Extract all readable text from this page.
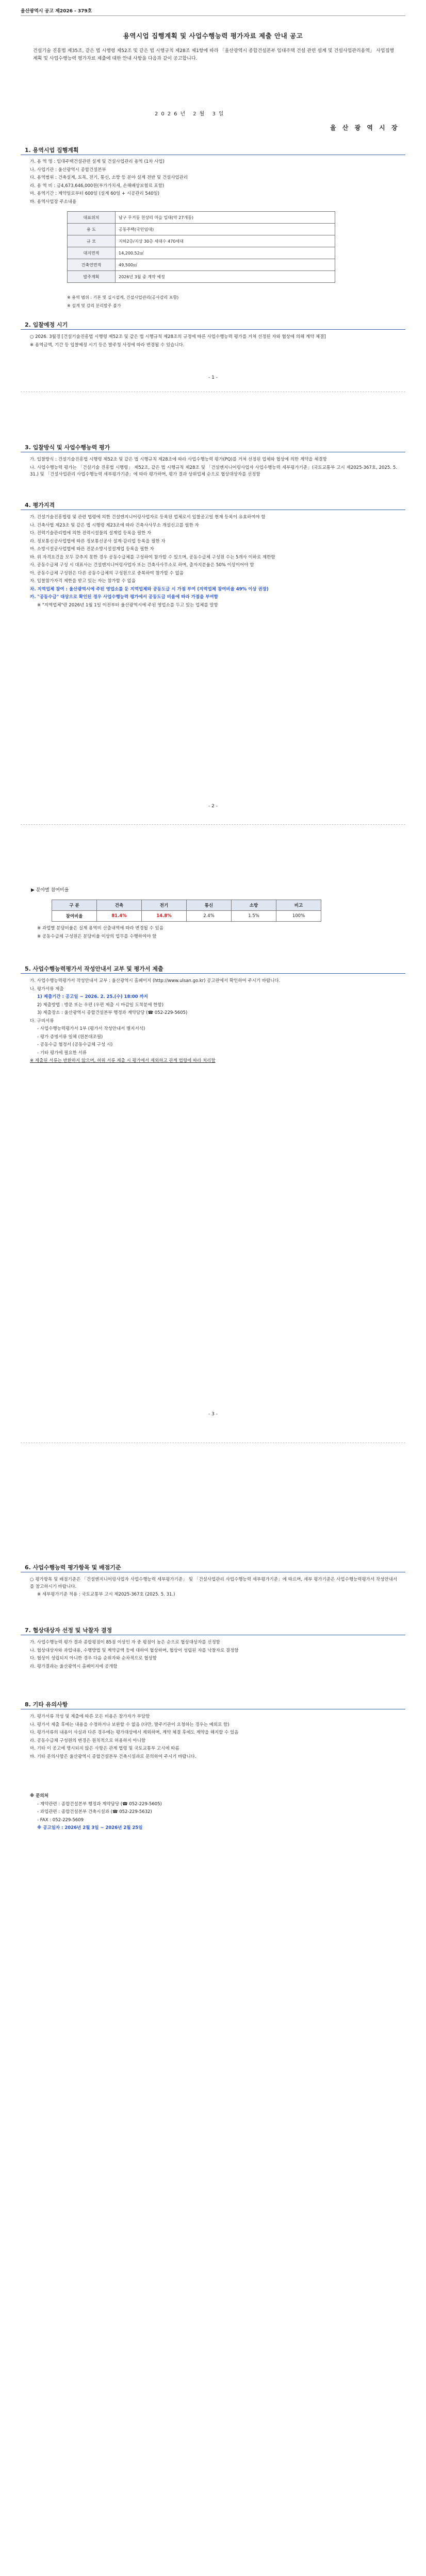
울산광역시 공고 제2026 - 379호
용역시업 집행계획 및 사업수행능력 평가자료 제출 안내 공고
건설기술 진흥법 제35조, 같은 법 시행령 제52조 및 같은 법 시행규칙 제28조 제1항에 따라 「울산광역시 종합건설본부 임대주택 건설 관련 설계 및 건설사업관리용역」 사업집행계획 및 사업수행능력 평가자료 제출에 대한 안내 사항을 다음과 같이 공고합니다.
2026년 2월 3일
울 산 광 역 시 장
1. 용역시업 집행계획

가. 용 역 명 : 임대주택건설관련 설계 및 건설사업관리 용역 (1차 사업)

나. 사업기관 : 울산광역시 종합건설본부

다. 용역범위 : 건축설계, 토목, 전기, 통신, 소방 등 분야 설계 전반 및 건설사업관리

라. 용 역 비 : 금4,673,646,000원(부가가치세, 손해배상보험료 포함)

마. 용역기간 : 계약일로부터 600일 (설계 60일 + 시공관리 540일)

바. 용역사업장 주소내용

대표위치	남구 무거동 천상리 마을 일대(약 27개동)
용 도	공동주택(국민임대)
규 모	지하2층/지상 30층 세대수 470세대
대지면적	14,200.52㎡
건축연면적	49,500㎡
발주계획	2026년 3월 중 계약 예정
※ 용역 범위 : 기본 및 실시설계, 건설사업관리(공사감리 포함)
※ 설계 및 감리 분리발주 불가
2. 입찰예정 시기

○ 2026. 3월경 [건설기술진흥법 시행령 제52조 및 같은 법 시행규칙 제28조의 규정에 따른 사업수행능력 평가를 거쳐 선정된 자와 협상에 의해 계약 체결]

※ 용역금액, 기간 등 입찰예정 시기 등은 발주청 사정에 따라 변경될 수 있습니다.

- 1 -
3. 입찰방식 및 사업수행능력 평가

가. 입찰방식 : 건설기술진흥법 시행령 제52조 및 같은 법 시행규칙 제28조에 따라 사업수행능력 평가(PQ)를 거쳐 선정된 업체와 협상에 의한 계약을 체결함

나. 사업수행능력 평가는 「건설기술 진흥법 시행령」 제52조, 같은 법 시행규칙 제28조 및 「건설엔지니어링사업자 사업수행능력 세부평가기준」(국토교통부 고시 제2025-367호, 2025. 5. 31.) 및 「건설사업관리 사업수행능력 세부평가기준」에 따라 평가하며, 평가 결과 상위업체 순으로 협상대상자를 선정함

4. 평가지격

가. 건설기술진흥법령 및 관련 법령에 의한 건설엔지니어링사업자로 등록된 업체로서 입찰공고일 현재 등록이 유효하여야 함

나. 건축사법 제23조 및 같은 법 시행령 제23조에 따라 건축사사무소 개설신고를 필한 자

다. 전력기술관리법에 의한 전력시설물의 설계업 등록을 필한 자

라. 정보통신공사업법에 따른 정보통신공사 설계·감리업 등록을 필한 자

마. 소방시설공사업법에 따른 전문소방시설설계업 등록을 필한 자

바. 위 자격요건을 모두 갖추지 못한 경우 공동수급체를 구성하여 참가할 수 있으며, 공동수급체 구성원 수는 5개사 이하로 제한함

사. 공동수급체 구성 시 대표사는 건설엔지니어링사업자 또는 건축사사무소로 하며, 출자지분율은 50% 이상이어야 함

아. 공동수급체 구성원은 다른 공동수급체의 구성원으로 중복하여 참가할 수 없음

자. 입찰참가자격 제한을 받고 있는 자는 참가할 수 없음

차. 지역업체 참여 : 울산광역시에 주된 영업소를 둔 지역업체와 공동도급 시 가점 부여 (지역업체 참여비율 49% 이상 권장)

카. "공동수급" 대상으로 확인된 경우 사업수행능력 평가에서 공동도급 비율에 따라 가점을 부여함

※ "지역업체"란 2026년 1월 1일 이전부터 울산광역시에 주된 영업소를 두고 있는 업체를 말함

- 2 -
▶ 분야별 참여비율
구 분	건축	전기	통신	소방	비고
참여비율	81.4%	14.8%	2.4%	1.5%	100%

※ 과업별 분담비율은 실제 용역비 산출내역에 따라 변경될 수 있음

※ 공동수급체 구성원은 분담비율 이상의 업무를 수행하여야 함

5. 사업수행능력평가서 작성안내서 교부 및 평가서 제출

가. 사업수행능력평가서 작성안내서 교부 : 울산광역시 홈페이지 (http://www.ulsan.go.kr) 공고란에서 확인하여 주시기 바랍니다.

나. 평가서류 제출

1) 제출기간 : 공고일 ~ 2026. 2. 25.(수) 18:00 까지

2) 제출방법 : 방문 또는 우편 (우편 제출 시 마감일 도착분에 한함)

3) 제출장소 : 울산광역시 종합건설본부 행정과 계약담당 (☎ 052-229-5605)

다. 구비서류

- 사업수행능력평가서 1부 (평가서 작성안내서 별지서식)

- 평가 증빙서류 일체 (원본대조필)

- 공동수급 협정서 (공동수급체 구성 시)

- 기타 평가에 필요한 서류

※ 제출된 서류는 반환하지 않으며, 허위 서류 제출 시 평가에서 제외하고 관계 법령에 따라 처리함

- 3 -
6. 사업수행능력 평가항목 및 배점기준

○ 평가항목 및 배점기준은 「건설엔지니어링사업자 사업수행능력 세부평가기준」 및 「건설사업관리 사업수행능력 세부평가기준」에 따르며, 세부 평가기준은 사업수행능력평가서 작성안내서를 참고하시기 바랍니다.

※ 세부평가기준 적용 : 국토교통부 고시 제2025-367호 (2025. 5. 31.)

7. 협상대상자 선정 및 낙찰자 결정

가. 사업수행능력 평가 결과 종합평점이 85점 이상인 자 중 평점이 높은 순으로 협상대상자를 선정함

나. 협상대상자와 과업내용, 수행방법 및 계약금액 등에 대하여 협상하며, 협상이 성립된 자를 낙찰자로 결정함

다. 협상이 성립되지 아니한 경우 다음 순위자와 순차적으로 협상함

라. 평가결과는 울산광역시 홈페이지에 공개함

8. 기타 유의사항

가. 평가서류 작성 및 제출에 따른 모든 비용은 참가자가 부담함

나. 평가서 제출 후에는 내용을 수정하거나 보완할 수 없음 (다만, 발주기관이 요청하는 경우는 예외로 함)

다. 평가서류의 내용이 사실과 다른 경우에는 평가대상에서 제외하며, 계약 체결 후에도 계약을 해지할 수 있음

라. 공동수급체 구성원의 변경은 원칙적으로 허용하지 아니함

마. 기타 이 공고에 명시되지 않은 사항은 관계 법령 및 국토교통부 고시에 따름

바. 기타 문의사항은 울산광역시 종합건설본부 건축시설과로 문의하여 주시기 바랍니다.

※ 문의처

- 계약관련 : 종합건설본부 행정과 계약담당 (☎ 052-229-5605)

- 과업관련 : 종합건설본부 건축시설과 (☎ 052-229-5632)

- FAX : 052-229-5609

※ 공고일자 : 2026년 2월 3일 ~ 2026년 2월 25일
